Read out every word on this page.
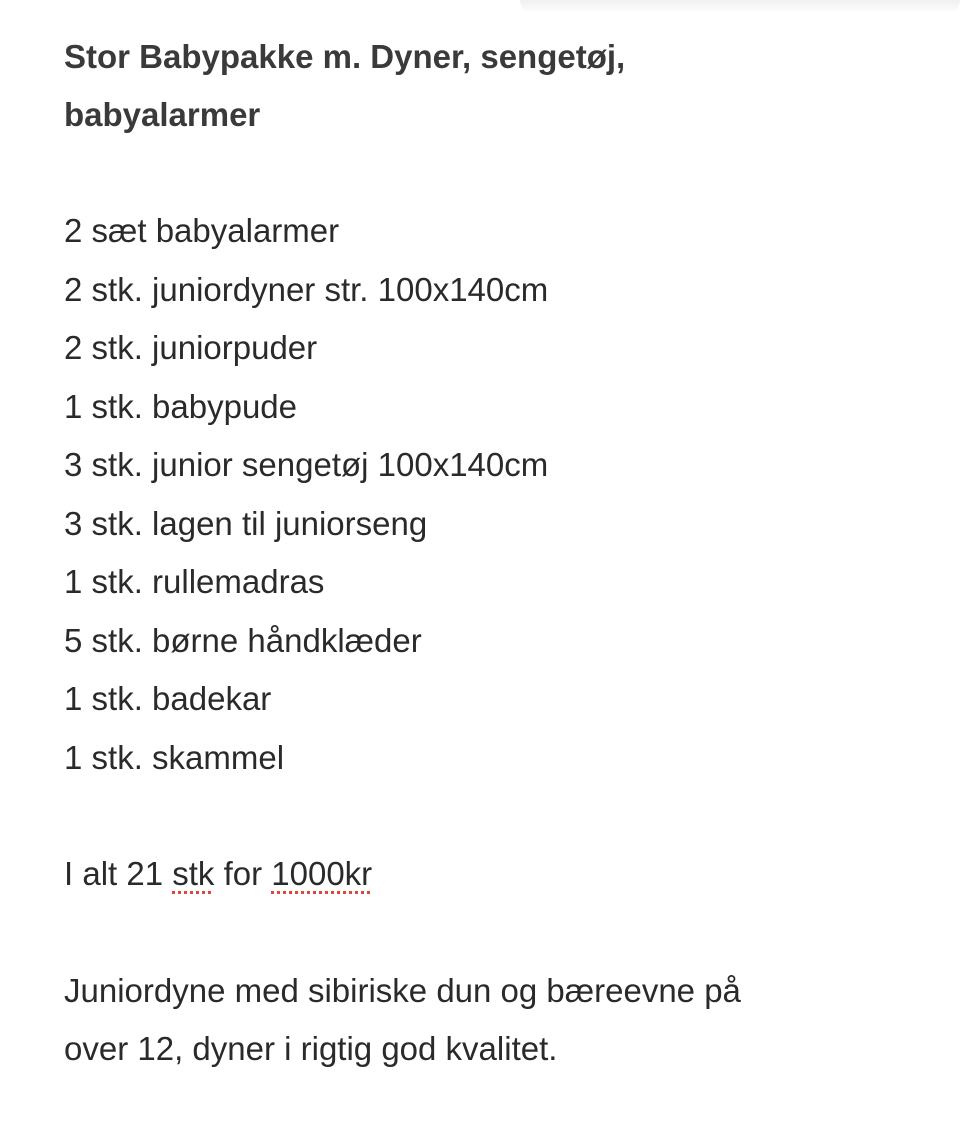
Stor Babypakke m. Dyner, sengetøj,

babyalarmer

2 sæt babyalarmer

2 stk. juniordyner str. 100x140cm

2 stk. juniorpuder

1 stk. babypude

3 stk. junior sengetøj 100x140cm

3 stk. lagen til juniorseng

1 stk. rullemadras

5 stk. børne håndklæder

1 stk. badekar

1 stk. skammel

I alt 21 stk for 1000kr

Juniordyne med sibiriske dun og bæreevne på

over 12, dyner i rigtig god kvalitet.
